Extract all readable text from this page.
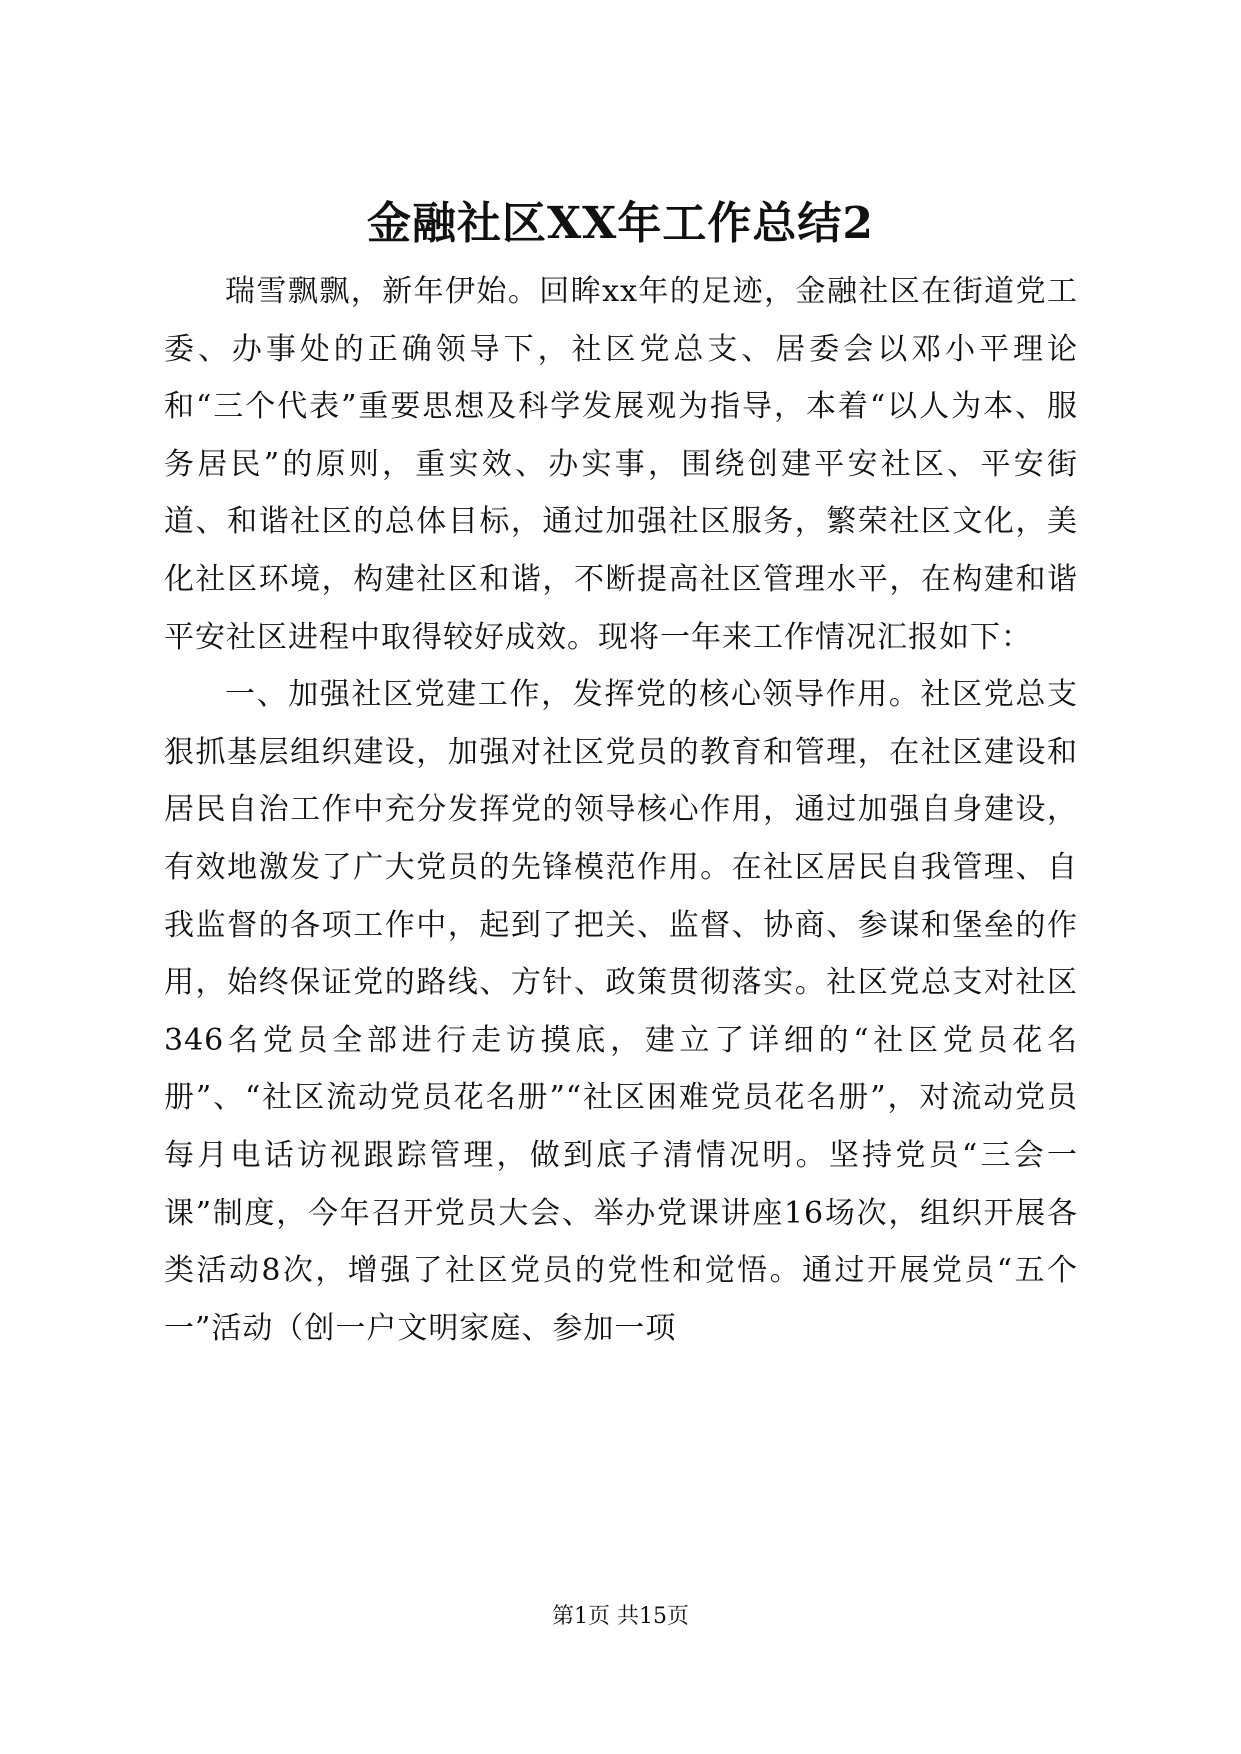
金融社区XX年工作总结2

瑞雪飘飘，新年伊始。回眸xx年的足迹，金融社区在街道党工委、办事处的正确领导下，社区党总支、居委会以邓小平理论和“三个代表”重要思想及科学发展观为指导，本着“以人为本、服务居民”的原则，重实效、办实事，围绕创建平安社区、平安街道、和谐社区的总体目标，通过加强社区服务，繁荣社区文化，美化社区环境，构建社区和谐，不断提高社区管理水平，在构建和谐平安社区进程中取得较好成效。现将一年来工作情况汇报如下：

一、加强社区党建工作，发挥党的核心领导作用。社区党总支狠抓基层组织建设，加强对社区党员的教育和管理，在社区建设和居民自治工作中充分发挥党的领导核心作用，通过加强自身建设，有效地激发了广大党员的先锋模范作用。在社区居民自我管理、自我监督的各项工作中，起到了把关、监督、协商、参谋和堡垒的作用，始终保证党的路线、方针、政策贯彻落实。社区党总支对社区346名党员全部进行走访摸底，建立了详细的“社区党员花名册”、“社区流动党员花名册”“社区困难党员花名册”，对流动党员每月电话访视跟踪管理，做到底子清情况明。坚持党员“三会一课”制度，今年召开党员大会、举办党课讲座16场次，组织开展各类活动8次，增强了社区党员的党性和觉悟。通过开展党员“五个一”活动（创一户文明家庭、参加一项

第1页 共15页
